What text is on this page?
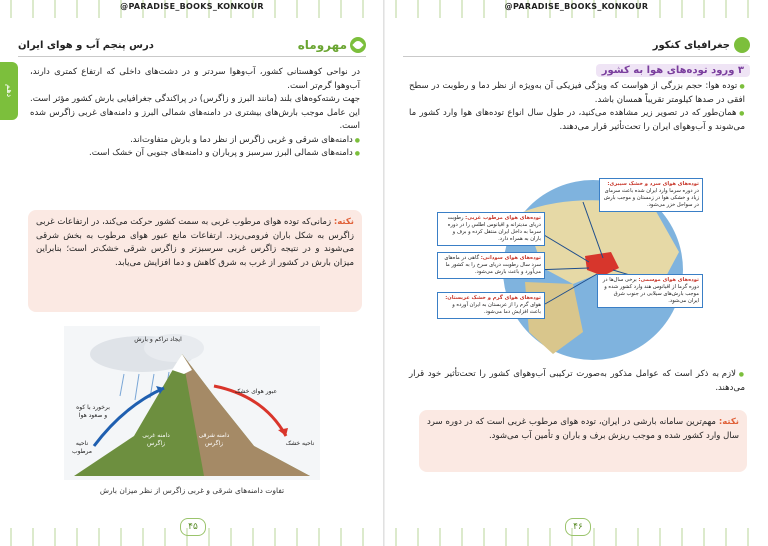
@PARADISE_BOOKS_KONKOUR
مهروماه
درس پنجم آب و هوای ایران
دهم

در نواحی کوهستانی کشور، آب‌وهوا سردتر و در دشت‌های داخلی که ارتفاع کمتری دارند، آب‌وهوا گرم‌تر است.

جهت رشته‌کوه‌های بلند (مانند البرز و زاگرس) در پراکندگی جغرافیایی بارش کشور مؤثر است. این عامل موجب بارش‌های بیشتری در دامنه‌های شمالی البرز و دامنه‌های غربی زاگرس شده است.

● دامنه‌های شرقی و غربی زاگرس از نظر دما و بارش متفاوت‌اند.

● دامنه‌های شمالی البرز سرسبز و پرباران و دامنه‌های جنوبی آن خشک است.

نکته: زمانی‌که توده هوای مرطوب غربی به سمت کشور حرکت می‌کند، در ارتفاعات غربی زاگرس به شکل باران فرومی‌ریزد. ارتفاعات مانع عبور هوای مرطوب به بخش شرقی می‌شوند و در نتیجه زاگرس غربی سرسبزتر و زاگرس شرقی خشک‌تر است؛ بنابراین میزان بارش در کشور از غرب به شرق کاهش و دما افزایش می‌یابد.
ایجاد تراکم و بارش
برخورد با کوه و صعود هوا
عبور هوای خشک
ناحیه مرطوب
ناحیه خشک
دامنه غربی زاگرس
دامنه شرقی زاگرس
تفاوت دامنه‌های شرقی و غربی زاگرس از نظر میزان بارش
۴۵
@PARADISE_BOOKS_KONKOUR
جغرافیای کنکور
۳ ورود توده‌های هوا به کشور

● توده هوا: حجم بزرگی از هواست که ویژگی فیزیکی آن به‌ویژه از نظر دما و رطوبت در سطح افقی در صدها کیلومتر تقریباً همسان باشد.

● همان‌طور که در تصویر زیر مشاهده می‌کنید، در طول سال انواع توده‌های هوا وارد کشور ما می‌شوند و آب‌وهوای ایران را تحت‌تأثیر قرار می‌دهند.

توده‌های هوای سرد و خشک سیبری: در دوره سرما وارد ایران شده باعث سرمای زیاد و خشکی هوا در زمستان و موجب بارش در سواحل خزر می‌شود.
توده‌های هوای مرطوب غربی: رطوبت دریای مدیترانه و اقیانوس اطلس را در دوره سرما به داخل ایران منتقل کرده و برف و باران به همراه دارد.
توده‌های هوای سودانی: گاهی در ماه‌های سرد سال رطوبت دریای سرخ را به کشور ما می‌آورد و باعث بارش می‌شود.
توده‌های هوای موسمی: برخی سال‌ها در دوره گرما از اقیانوس هند وارد کشور شده و موجب بارش‌های سیلابی در جنوب شرق ایران می‌شود.
توده‌های هوای گرم و خشک عربستان: هوای گرم را از عربستان به ایران آورده و باعث افزایش دما می‌شود.

● لازم به ذکر است که عوامل مذکور به‌صورت ترکیبی آب‌وهوای کشور را تحت‌تأثیر خود قرار می‌دهند.

نکته: مهم‌ترین سامانه بارشی در ایران، توده هوای مرطوب غربی است که در دوره سرد سال وارد کشور شده و موجب ریزش برف و باران و تأمین آب می‌شود.
۴۶
